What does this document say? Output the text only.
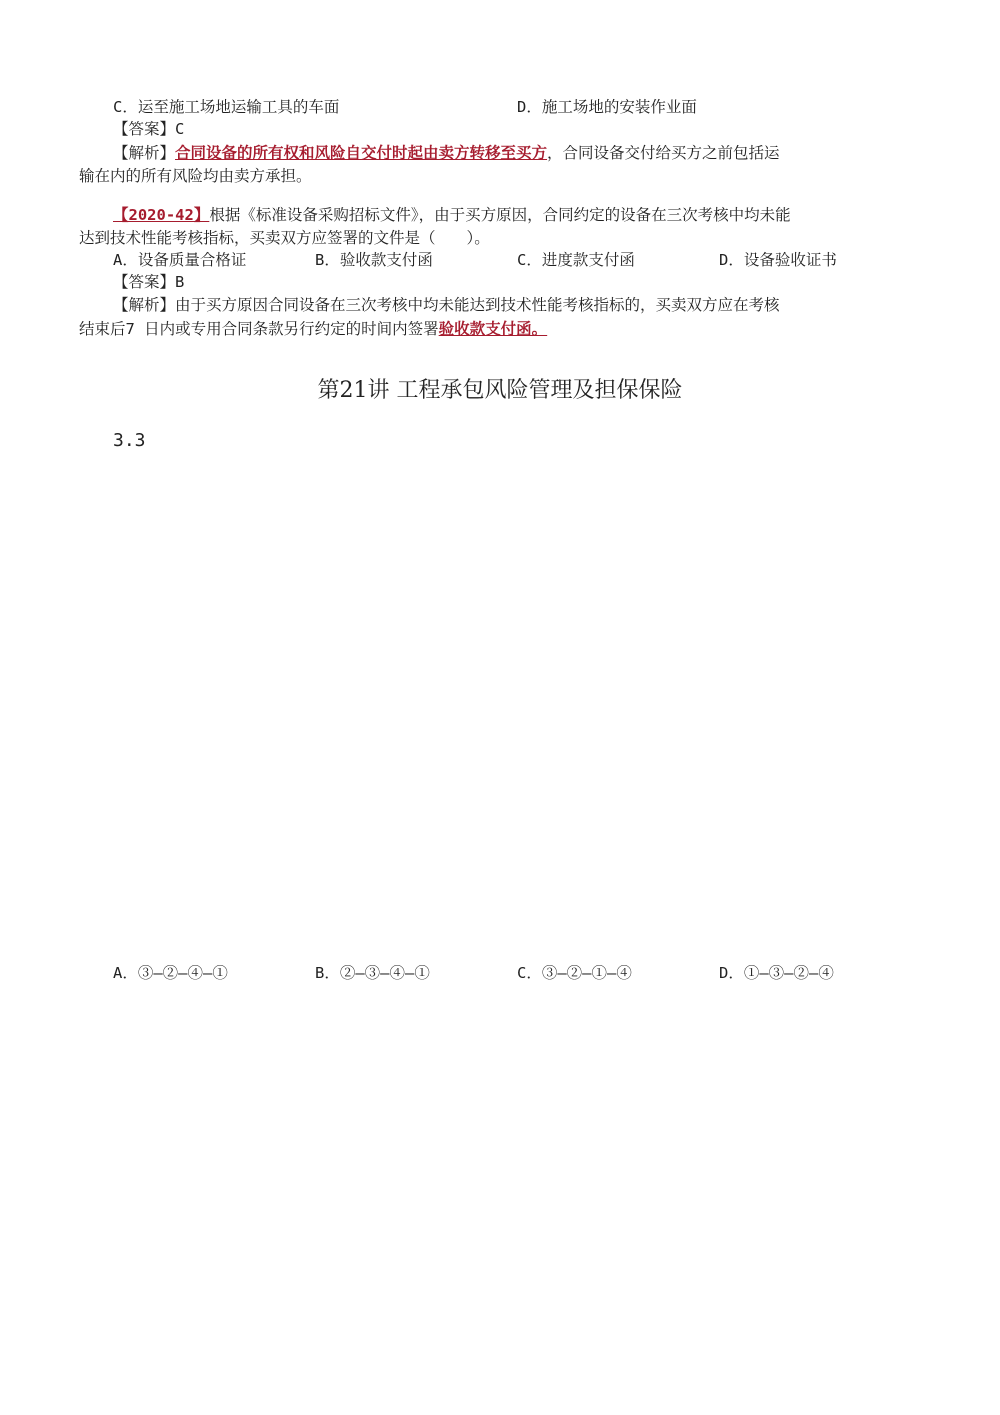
C．运至施工场地运输工具的车面	D．施工场地的安装作业面
【答案】C
【解析】合同设备的所有权和风险自交付时起由卖方转移至买方，合同设备交付给买方之前包括运
输在内的所有风险均由卖方承担。
【2020-42】根据《标准设备采购招标文件》，由于买方原因，合同约定的设备在三次考核中均未能
达到技术性能考核指标，买卖双方应签署的文件是（　　）。
A．设备质量合格证	B．验收款支付函	C．进度款支付函	D．设备验收证书
【答案】B
【解析】由于买方原因合同设备在三次考核中均未能达到技术性能考核指标的，买卖双方应在考核
结束后7 日内或专用合同条款另行约定的时间内签署验收款支付函。
第21讲 工程承包风险管理及担保保险
3.3
A．③—②—④—①	B．②—③—④—①	C．③—②—①—④	D．①—③—②—④
